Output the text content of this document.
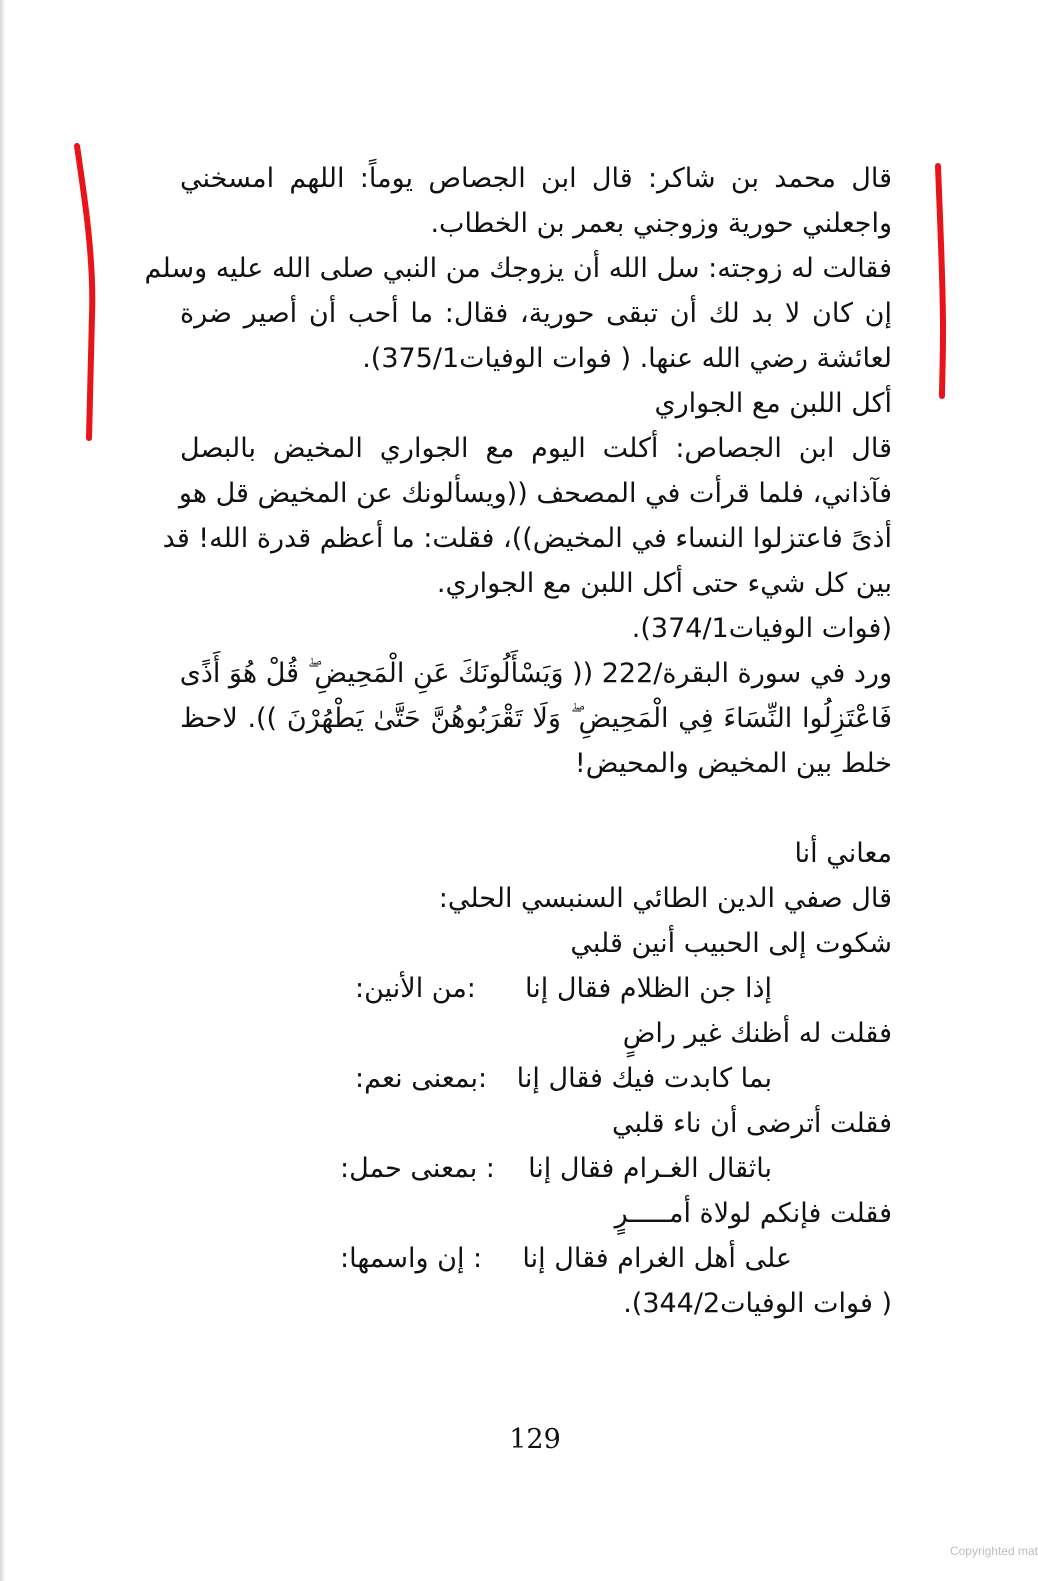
قال محمد بن شاكر: قال ابن الجصاص يوماً: اللهم امسخني
واجعلني حورية وزوجني بعمر بن الخطاب.
فقالت له زوجته: سل الله أن يزوجك من النبي صلى الله عليه وسلم
إن كان لا بد لك أن تبقى حورية، فقال: ما أحب أن أصير ضرة
لعائشة رضي الله عنها. ( فوات الوفيات375/1).
أكل اللبن مع الجواري
قال ابن الجصاص: أكلت اليوم مع الجواري المخيض بالبصل
فآذاني، فلما قرأت في المصحف ((ويسألونك عن المخيض قل هو
أذىً فاعتزلوا النساء في المخيض))، فقلت: ما أعظم قدرة الله! قد
بين كل شيء حتى أكل اللبن مع الجواري.
(فوات الوفيات374/1).
ورد في سورة البقرة/222 (( وَيَسْأَلُونَكَ عَنِ الْمَحِيضِ ۖ قُلْ هُوَ أَذًى
فَاعْتَزِلُوا النِّسَاءَ فِي الْمَحِيضِ ۖ وَلَا تَقْرَبُوهُنَّ حَتَّىٰ يَطْهُرْنَ )). لاحظ
خلط بين المخيض والمحيض!
معاني أنا
قال صفي الدين الطائي السنبسي الحلي:
شكوت إلى الحبيب أنين قلبي
إذا جن الظلام فقال إنا
:من الأنين:
فقلت له أظنك غير راضٍ
بما كابدت فيك فقال إنا
:بمعنى نعم:
فقلت أترضى أن ناء قلبي
باثقال الغـرام فقال إنا
: بمعنى حمل:
فقلت فإنكم لولاة أمـــــرٍ
على أهل الغرام فقال إنا
: إن واسمها:
( فوات الوفيات344/2).
129
Copyrighted mat
